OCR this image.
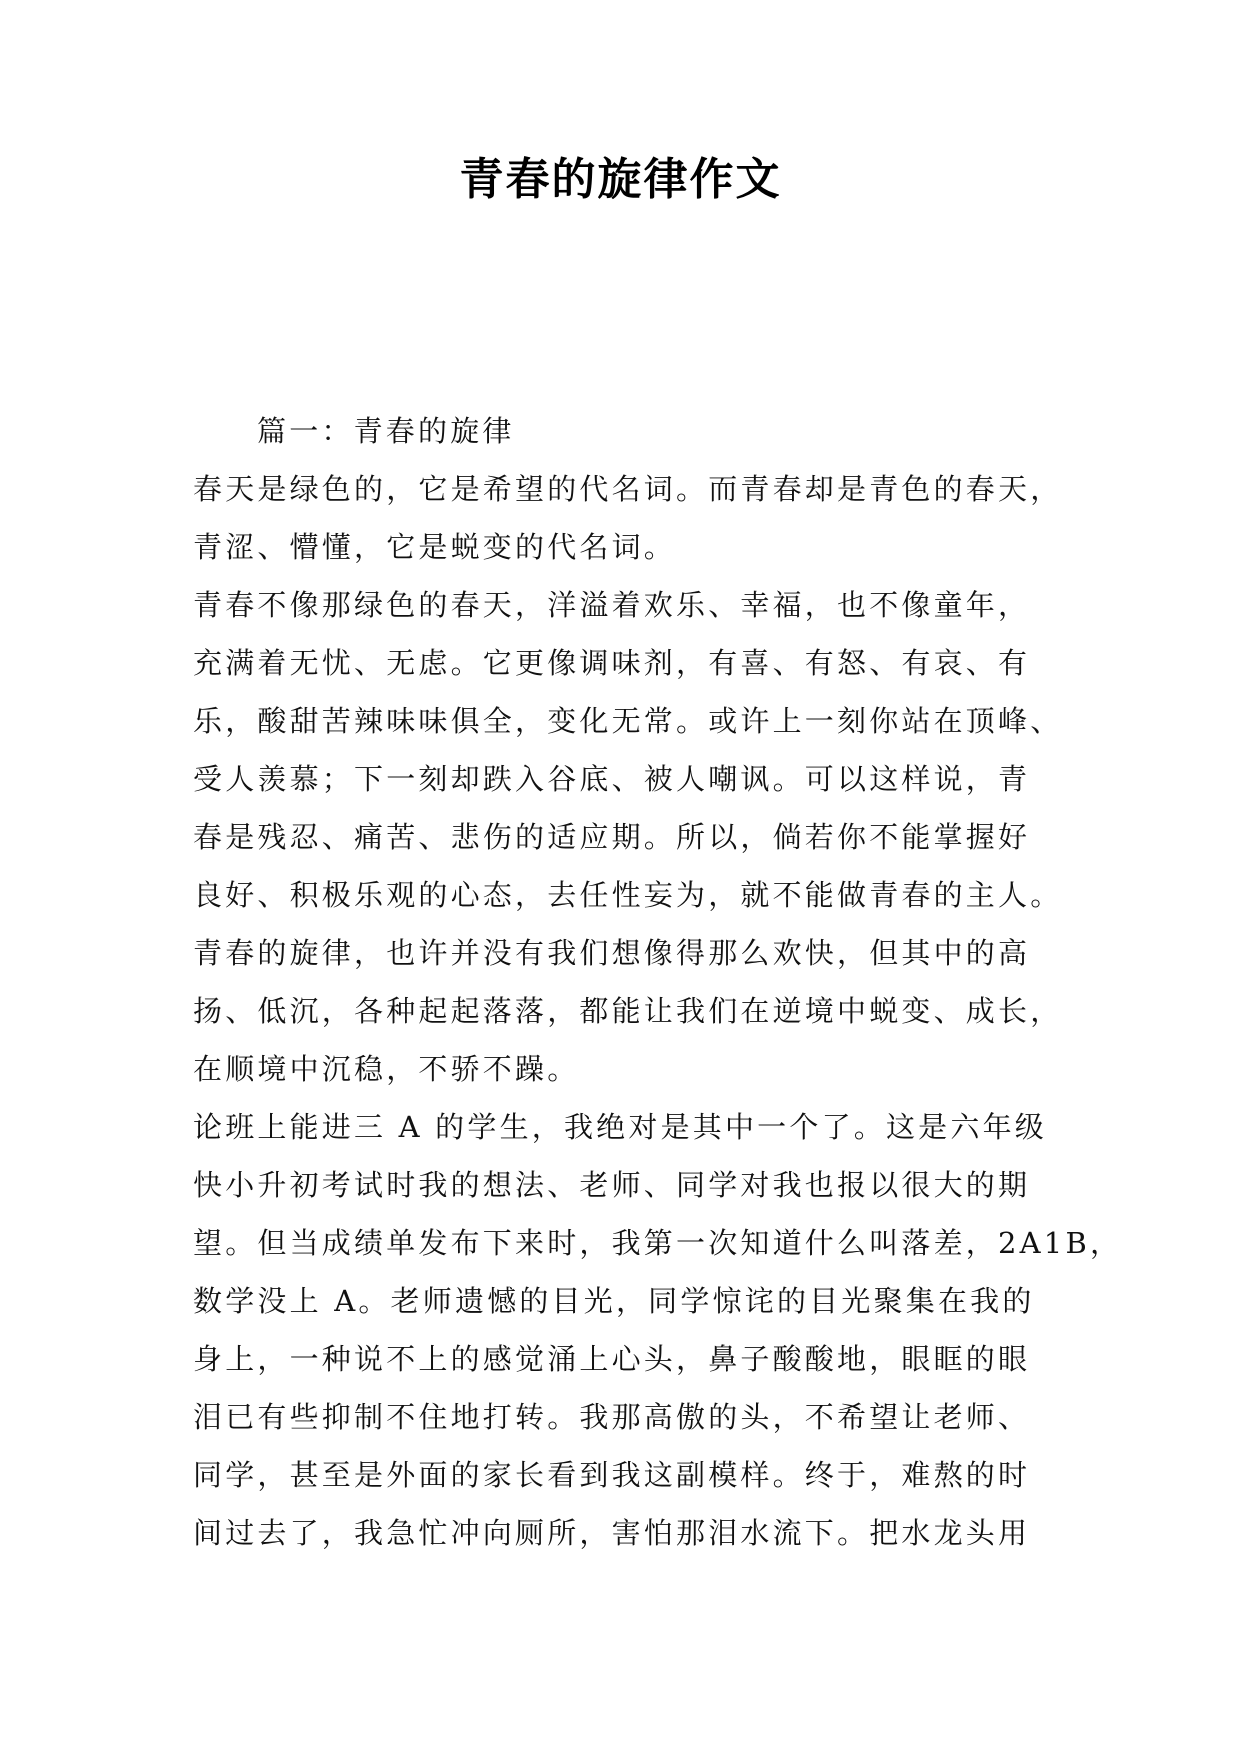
青春的旋律作文
篇一：青春的旋律
春天是绿色的，它是希望的代名词。而青春却是青色的春天，
青涩、懵懂，它是蜕变的代名词。
青春不像那绿色的春天，洋溢着欢乐、幸福，也不像童年，
充满着无忧、无虑。它更像调味剂，有喜、有怒、有哀、有
乐，酸甜苦辣味味俱全，变化无常。或许上一刻你站在顶峰、
受人羡慕；下一刻却跌入谷底、被人嘲讽。可以这样说，青
春是残忍、痛苦、悲伤的适应期。所以，倘若你不能掌握好
良好、积极乐观的心态，去任性妄为，就不能做青春的主人。
青春的旋律，也许并没有我们想像得那么欢快，但其中的高
扬、低沉，各种起起落落，都能让我们在逆境中蜕变、成长，
在顺境中沉稳，不骄不躁。
论班上能进三 A 的学生，我绝对是其中一个了。这是六年级
快小升初考试时我的想法、老师、同学对我也报以很大的期
望。但当成绩单发布下来时，我第一次知道什么叫落差，2A1B，
数学没上 A。老师遗憾的目光，同学惊诧的目光聚集在我的
身上，一种说不上的感觉涌上心头，鼻子酸酸地，眼眶的眼
泪已有些抑制不住地打转。我那高傲的头，不希望让老师、
同学，甚至是外面的家长看到我这副模样。终于，难熬的时
间过去了，我急忙冲向厕所，害怕那泪水流下。把水龙头用
